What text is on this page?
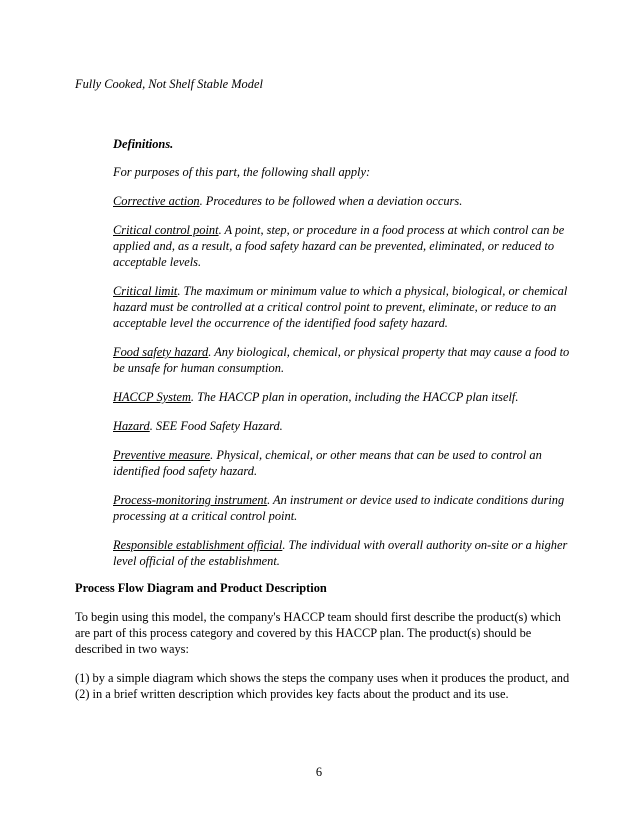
Fully Cooked, Not Shelf Stable Model

Definitions.

For purposes of this part, the following shall apply:

Corrective action. Procedures to be followed when a deviation occurs.

Critical control point. A point, step, or procedure in a food process at which control can be applied and, as a result, a food safety hazard can be prevented, eliminated, or reduced to acceptable levels.

Critical limit. The maximum or minimum value to which a physical, biological, or chemical hazard must be controlled at a critical control point to prevent, eliminate, or reduce to an acceptable level the occurrence of the identified food safety hazard.

Food safety hazard. Any biological, chemical, or physical property that may cause a food to be unsafe for human consumption.

HACCP System. The HACCP plan in operation, including the HACCP plan itself.

Hazard. SEE Food Safety Hazard.

Preventive measure. Physical, chemical, or other means that can be used to control an identified food safety hazard.

Process-monitoring instrument. An instrument or device used to indicate conditions during processing at a critical control point.

Responsible establishment official. The individual with overall authority on-site or a higher level official of the establishment.

Process Flow Diagram and Product Description

To begin using this model, the company's HACCP team should first describe the product(s) which are part of this process category and covered by this HACCP plan. The product(s) should be described in two ways:

(1) by a simple diagram which shows the steps the company uses when it produces the product, and

(2) in a brief written description which provides key facts about the product and its use.

6
